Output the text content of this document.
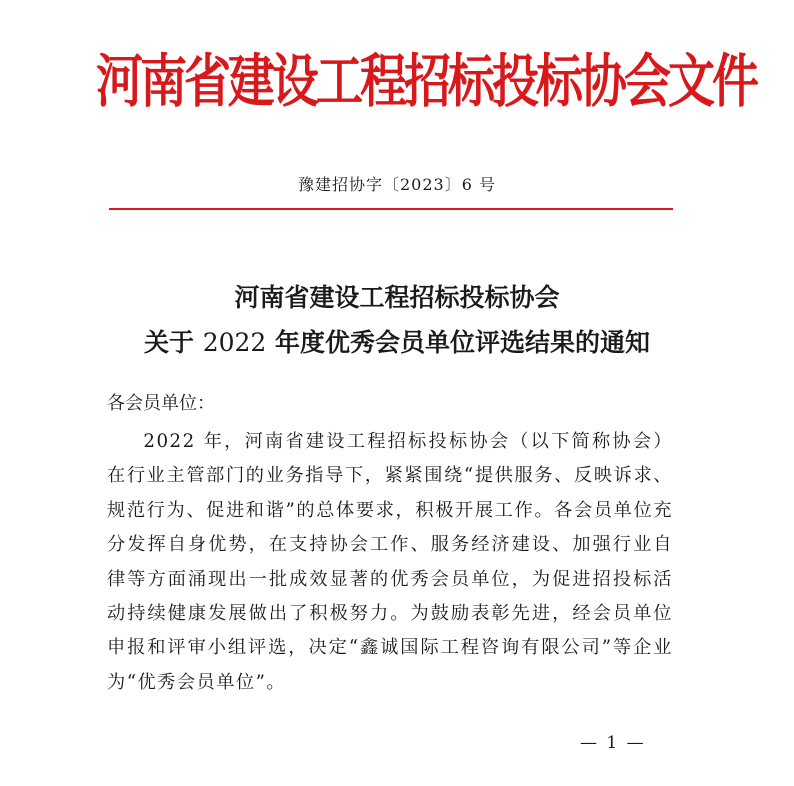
河南省建设工程招标投标协会文件
豫建招协字〔2023〕6 号
河南省建设工程招标投标协会
关于 2022 年度优秀会员单位评选结果的通知
各会员单位：
2022 年，河南省建设工程招标投标协会（以下简称协会）在行业主管部门的业务指导下，紧紧围绕“提供服务、反映诉求、规范行为、促进和谐”的总体要求，积极开展工作。各会员单位充分发挥自身优势，在支持协会工作、服务经济建设、加强行业自律等方面涌现出一批成效显著的优秀会员单位，为促进招投标活动持续健康发展做出了积极努力。为鼓励表彰先进，经会员单位申报和评审小组评选，决定“鑫诚国际工程咨询有限公司”等企业为“优秀会员单位”。
— 1 —
